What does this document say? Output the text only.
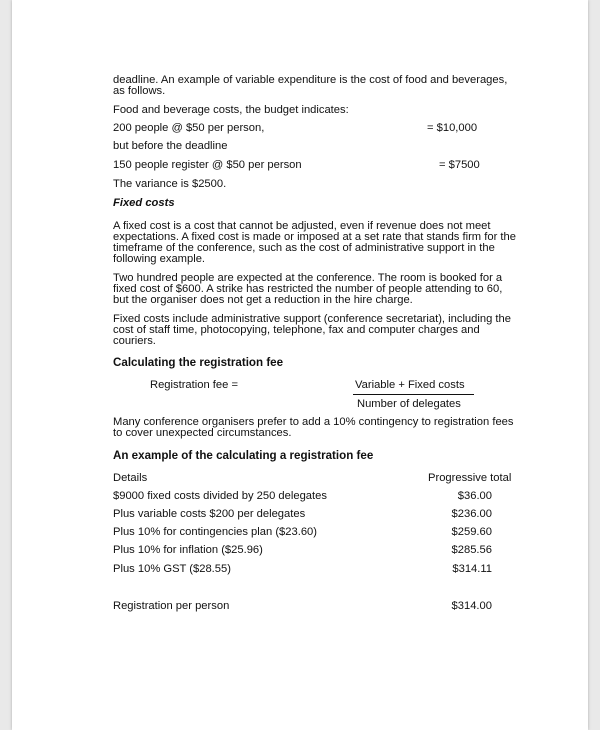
deadline. An example of variable expenditure is the cost of food and beverages,
as follows.
Food and beverage costs, the budget indicates:
200 people @ $50 per person,	= $10,000
but before the deadline
150 people register @ $50 per person	= $7500
The variance is $2500.
Fixed costs
A fixed cost is a cost that cannot be adjusted, even if revenue does not meet
expectations. A fixed cost is made or imposed at a set rate that stands firm for the
timeframe of the conference, such as the cost of administrative support in the
following example.
Two hundred people are expected at the conference. The room is booked for a
fixed cost of $600. A strike has restricted the number of people attending to 60,
but the organiser does not get a reduction in the hire charge.
Fixed costs include administrative support (conference secretariat), including the
cost of staff time, photocopying, telephone, fax and computer charges and
couriers.
Calculating the registration fee
Registration fee =	Variable + Fixed costs
Number of delegates
Many conference organisers prefer to add a 10% contingency to registration fees
to cover unexpected circumstances.
An example of the calculating a registration fee
Details	Progressive total
$9000 fixed costs divided by 250 delegates	$36.00
Plus variable costs $200 per delegates	$236.00
Plus 10% for contingencies plan ($23.60)	$259.60
Plus 10% for inflation ($25.96)	$285.56
Plus 10% GST ($28.55)	$314.11
Registration per person	$314.00
